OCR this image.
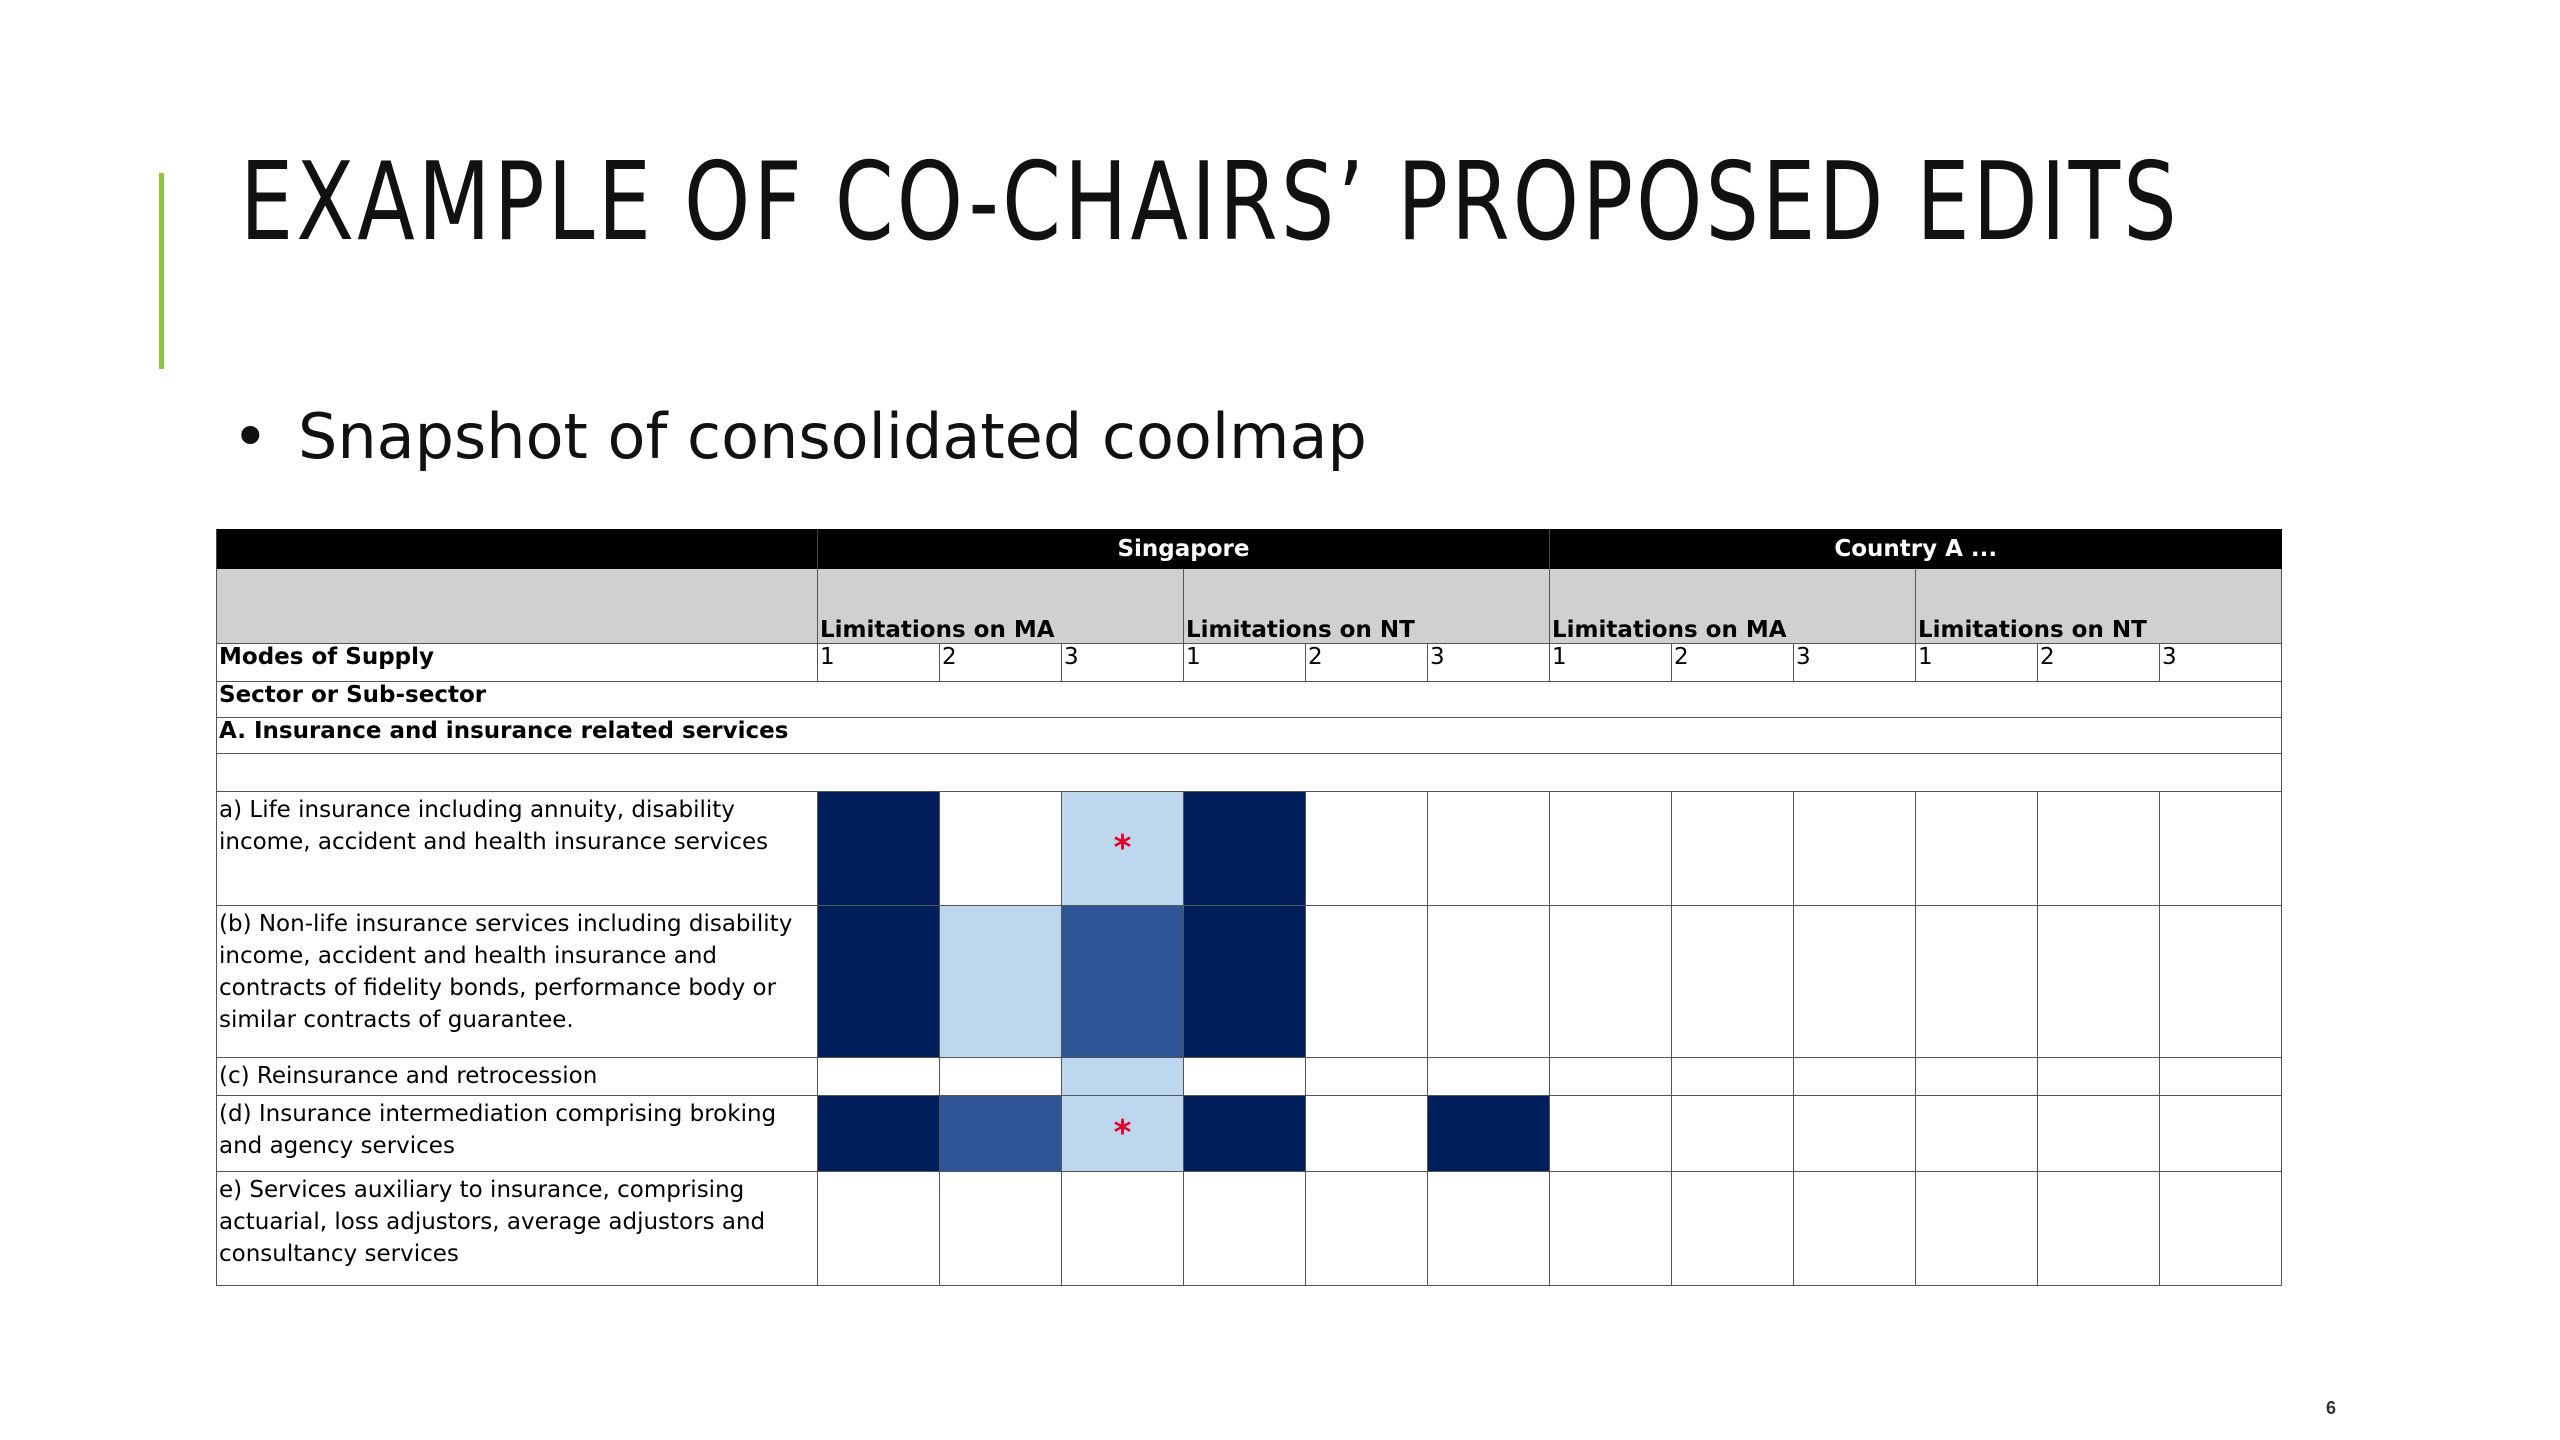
EXAMPLE OF CO-CHAIRS’ PROPOSED EDITS
• Snapshot of consolidated coolmap
	Singapore						Country A ...					
	Limitations on MA			Limitations on NT			Limitations on MA			Limitations on NT		
Modes of Supply	1	2	3	1	2	3	1	2	3	1	2	3
Sector or Sub-sector												
A. Insurance and insurance related services												

a) Life insurance including annuity, disability income, accident and health insurance services			*									

(b) Non-life insurance services including disability income, accident and health insurance and contracts of fidelity bonds, performance body or similar contracts of guarantee.												
(c) Reinsurance and retrocession												
(d) Insurance intermediation comprising broking and agency services			*									

e) Services auxiliary to insurance, comprising actuarial, loss adjustors, average adjustors and consultancy services												
6
